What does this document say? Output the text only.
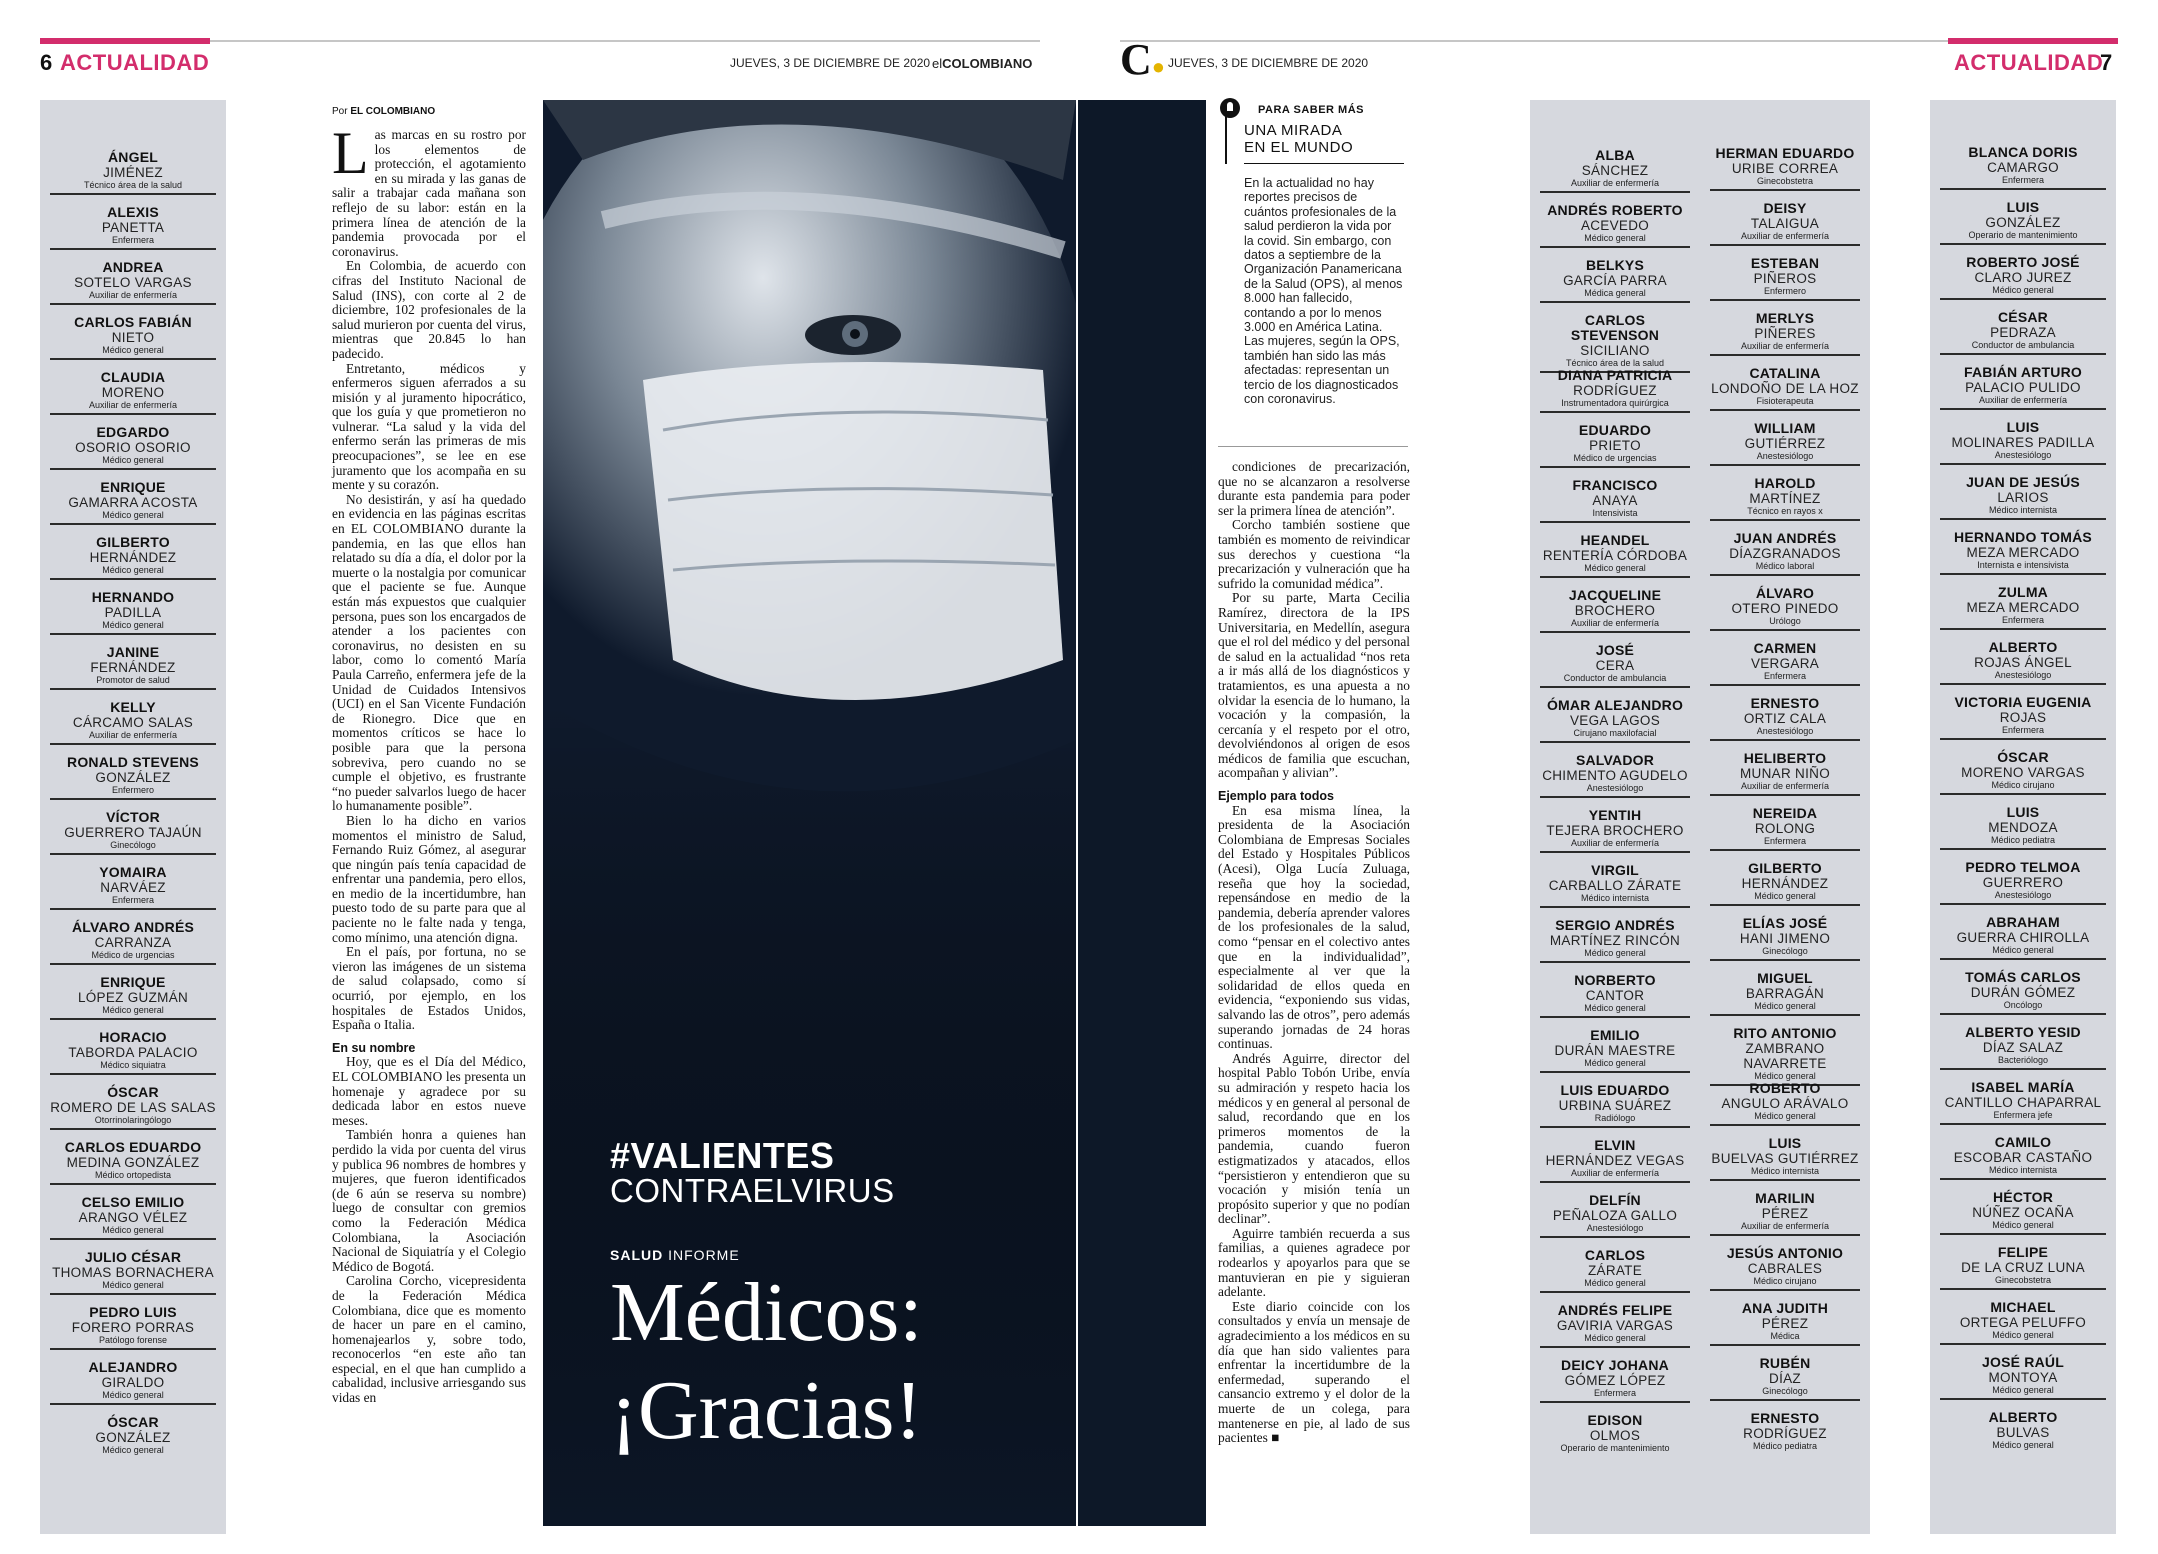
6 ACTUALIDAD	JUEVES, 3 DE DICIEMBRE DE 2020 elCOLOMBIANO C● JUEVES, 3 DE DICIEMBRE DE 2020	ACTUALIDAD
7
ÁNGEL
JIMÉNEZ
Técnico área de la salud
ALEXIS
PANETTA
Enfermera
ANDREA
SOTELO VARGAS
Auxiliar de enfermería
CARLOS FABIÁN
NIETO
Médico general
CLAUDIA
MORENO
Auxiliar de enfermería
EDGARDO
OSORIO OSORIO
Médico general
ENRIQUE
GAMARRA ACOSTA
Médico general
GILBERTO
HERNÁNDEZ
Médico general
HERNANDO
PADILLA
Médico general
JANINE
FERNÁNDEZ
Promotor de salud
KELLY
CÁRCAMO SALAS
Auxiliar de enfermería
RONALD STEVENS
GONZÁLEZ
Enfermero
VÍCTOR
GUERRERO TAJAÚN
Ginecólogo
YOMAIRA
NARVÁEZ
Enfermera
ÁLVARO ANDRÉS
CARRANZA
Médico de urgencias
ENRIQUE
LÓPEZ GUZMÁN
Médico general
HORACIO
TABORDA PALACIO
Médico siquiatra
ÓSCAR
ROMERO DE LAS SALAS
Otorrinolaringólogo
CARLOS EDUARDO
MEDINA GONZÁLEZ
Médico ortopedista
CELSO EMILIO
ARANGO VÉLEZ
Médico general
JULIO CÉSAR
THOMAS BORNACHERA
Médico general
PEDRO LUIS
FORERO PORRAS
Patólogo forense
ALEJANDRO
GIRALDO
Médico general
ÓSCAR
GONZÁLEZ
Médico general
ALBA
SÁNCHEZ
Auxiliar de enfermería
ANDRÉS ROBERTO
ACEVEDO
Médico general
BELKYS
GARCÍA PARRA
Médica general
CARLOS STEVENSON
SICILIANO
Técnico área de la salud
DIANA PATRICIA
RODRÍGUEZ
Instrumentadora quirúrgica
EDUARDO
PRIETO
Médico de urgencias
FRANCISCO
ANAYA
Intensivista
HEANDEL
RENTERÍA CÓRDOBA
Médico general
JACQUELINE
BROCHERO
Auxiliar de enfermería
JOSÉ
CERA
Conductor de ambulancia
ÓMAR ALEJANDRO
VEGA LAGOS
Cirujano maxilofacial
SALVADOR
CHIMENTO AGUDELO
Anestesiólogo
YENTIH
TEJERA BROCHERO
Auxiliar de enfermería
VIRGIL
CARBALLO ZÁRATE
Médico internista
SERGIO ANDRÉS
MARTÍNEZ RINCÓN
Médico general
NORBERTO
CANTOR
Médico general
EMILIO
DURÁN MAESTRE
Médico general
LUIS EDUARDO
URBINA SUÁREZ
Radiólogo
ELVIN
HERNÁNDEZ VEGAS
Auxiliar de enfermería
DELFÍN
PEÑALOZA GALLO
Anestesiólogo
CARLOS
ZÁRATE
Médico general
ANDRÉS FELIPE
GAVIRIA VARGAS
Médico general
DEICY JOHANA
GÓMEZ LÓPEZ
Enfermera
EDISON
OLMOS
Operario de mantenimiento
HERMAN EDUARDO
URIBE CORREA
Ginecobstetra
DEISY
TALAIGUA
Auxiliar de enfermería
ESTEBAN
PIÑEROS
Enfermero
MERLYS
PIÑERES
Auxiliar de enfermería
CATALINA
LONDOÑO DE LA HOZ
Fisioterapeuta
WILLIAM
GUTIÉRREZ
Anestesiólogo
HAROLD
MARTÍNEZ
Técnico en rayos x
JUAN ANDRÉS
DÍAZGRANADOS
Médico laboral
ÁLVARO
OTERO PINEDO
Urólogo
CARMEN
VERGARA
Enfermera
ERNESTO
ORTIZ CALA
Anestesiólogo
HELIBERTO
MUNAR NIÑO
Auxiliar de enfermería
NEREIDA
ROLONG
Enfermera
GILBERTO
HERNÁNDEZ
Médico general
ELÍAS JOSÉ
HANI JIMENO
Ginecólogo
MIGUEL
BARRAGÁN
Médico general
RITO ANTONIO
ZAMBRANO NAVARRETE
Médico general
ROBERTO
ANGULO ARÁVALO
Médico general
LUIS
BUELVAS GUTIÉRREZ
Médico internista
MARILIN
PÉREZ
Auxiliar de enfermería
JESÚS ANTONIO
CABRALES
Médico cirujano
ANA JUDITH
PÉREZ
Médica
RUBÉN
DÍAZ
Ginecólogo
ERNESTO
RODRÍGUEZ
Médico pediatra
BLANCA DORIS
CAMARGO
Enfermera
LUIS
GONZÁLEZ
Operario de mantenimiento
ROBERTO JOSÉ
CLARO JUREZ
Médico general
CÉSAR
PEDRAZA
Conductor de ambulancia
FABIÁN ARTURO
PALACIO PULIDO
Auxiliar de enfermería
LUIS
MOLINARES PADILLA
Anestesiólogo
JUAN DE JESÚS
LARIOS
Médico internista
HERNANDO TOMÁS
MEZA MERCADO
Internista e intensivista
ZULMA
MEZA MERCADO
Enfermera
ALBERTO
ROJAS ÁNGEL
Anestesiólogo
VICTORIA EUGENIA
ROJAS
Enfermera
ÓSCAR
MORENO VARGAS
Médico cirujano
LUIS
MENDOZA
Médico pediatra
PEDRO TELMOA
GUERRERO
Anestesiólogo
ABRAHAM
GUERRA CHIROLLA
Médico general
TOMÁS CARLOS
DURÁN GÓMEZ
Oncólogo
ALBERTO YESID
DÍAZ SALAZ
Bacteriólogo
ISABEL MARÍA
CANTILLO CHAPARRAL
Enfermera jefe
CAMILO
ESCOBAR CASTAÑO
Médico internista
HÉCTOR
NÚÑEZ OCAÑA
Médico general
FELIPE
DE LA CRUZ LUNA
Ginecobstetra
MICHAEL
ORTEGA PELUFFO
Médico general
JOSÉ RAÚL
MONTOYA
Médico general
ALBERTO
BULVAS
Médico general
Por EL COLOMBIANO
L as marcas en su rostro por los elementos de protección, el agotamiento en su mirada y las ganas de salir a trabajar cada mañana son reflejo de su labor: están en la primera línea de atención de la pandemia provocada por el coronavirus.

En Colombia, de acuerdo con cifras del Instituto Nacional de Salud (INS), con corte al 2 de diciembre, 102 profesionales de la salud murieron por cuenta del virus, mientras que 20.845 lo han padecido.

Entretanto, médicos y enfermeros siguen aferrados a su misión y al juramento hipocrático, que los guía y que prometieron no vulnerar. “La salud y la vida del enfermo serán las primeras de mis preocupaciones”, se lee en ese juramento que los acompaña en su mente y su corazón.

No desistirán, y así ha quedado en evidencia en las páginas escritas en EL COLOMBIANO durante la pandemia, en las que ellos han relatado su día a día, el dolor por la muerte o la nostalgia por comunicar que el paciente se fue. Aunque están más expuestos que cualquier persona, pues son los encargados de atender a los pacientes con coronavirus, no desisten en su labor, como lo comentó María Paula Carreño, enfermera jefe de la Unidad de Cuidados Intensivos (UCI) en el San Vicente Fundación de Rionegro. Dice que en momentos críticos se hace lo posible para que la persona sobreviva, pero cuando no se cumple el objetivo, es frustrante “no pueder salvarlos luego de hacer lo humanamente posible”.

Bien lo ha dicho en varios momentos el ministro de Salud, Fernando Ruiz Gómez, al asegurar que ningún país tenía capacidad de enfrentar una pandemia, pero ellos, en medio de la incertidumbre, han puesto todo de su parte para que al paciente no le falte nada y tenga, como mínimo, una atención digna.

En el país, por fortuna, no se vieron las imágenes de un sistema de salud colapsado, como sí ocurrió, por ejemplo, en los hospitales de Estados Unidos, España o Italia.

En su nombre

Hoy, que es el Día del Médico, EL COLOMBIANO les presenta un homenaje y agradece por su dedicada labor en estos nueve meses.

También honra a quienes han perdido la vida por cuenta del virus y publica 96 nombres de hombres y mujeres, que fueron identificados (de 6 aún se reserva su nombre) luego de consultar con gremios como la Federación Médica Colombiana, la Asociación Nacional de Siquiatría y el Colegio Médico de Bogotá.

Carolina Corcho, vicepresidenta de la Federación Médica Colombiana, dice que es momento de hacer un pare en el camino, homenajearlos y, sobre todo, reconocerlos “en este año tan especial, en el que han cumplido a cabalidad, inclusive arriesgando sus vidas en

condiciones de precarización, que no se alcanzaron a resolverse durante esta pandemia para poder ser la primera línea de atención”.

Corcho también sostiene que también es momento de reivindicar sus derechos y cuestiona “la precarización y vulneración que ha sufrido la comunidad médica”.

Por su parte, Marta Cecilia Ramírez, directora de la IPS Universitaria, en Medellín, asegura que el rol del médico y del personal de salud en la actualidad “nos reta a ir más allá de los diagnósticos y tratamientos, es una apuesta a no olvidar la esencia de lo humano, la vocación y la compasión, la cercanía y el respeto por el otro, devolviéndonos al origen de esos médicos de familia que escuchan, acompañan y alivian”.

Ejemplo para todos

En esa misma línea, la presidenta de la Asociación Colombiana de Empresas Sociales del Estado y Hospitales Públicos (Acesi), Olga Lucía Zuluaga, reseña que hoy la sociedad, repensándose en medio de la pandemia, debería aprender valores de los profesionales de la salud, como “pensar en el colectivo antes que en la individualidad”, especialmente al ver que la solidaridad de ellos queda en evidencia, “exponiendo sus vidas, salvando las de otros”, pero además superando jornadas de 24 horas continuas.

Andrés Aguirre, director del hospital Pablo Tobón Uribe, envía su admiración y respeto hacia los médicos y en general al personal de salud, recordando que en los primeros momentos de la pandemia, cuando fueron estigmatizados y atacados, ellos “persistieron y entendieron que su vocación y misión tenía un propósito superior y que no podían declinar”.

Aguirre también recuerda a sus familias, a quienes agradece por rodearlos y apoyarlos para que se mantuvieran en pie y siguieran adelante.

Este diario coincide con los consultados y envía un mensaje de agradecimiento a los médicos en su día que han sido valientes para enfrentar la incertidumbre de la enfermedad, superando el cansancio extremo y el dolor de la muerte de un colega, para mantenerse en pie, al lado de sus pacientes ■

#VALIENTES
CONTRAELVIRUS
SALUD INFORME
Médicos:
¡Gracias!
PARA SABER MÁS
UNA MIRADA
EN EL MUNDO
En la actualidad no hay reportes precisos de cuántos profesionales de la salud perdieron la vida por la covid. Sin embargo, con datos a septiembre de la Organización Panamericana de la Salud (OPS), al menos 8.000 han fallecido, contando a por lo menos 3.000 en América Latina. Las mujeres, según la OPS, también han sido las más afectadas: representan un tercio de los diagnosticados con coronavirus.
